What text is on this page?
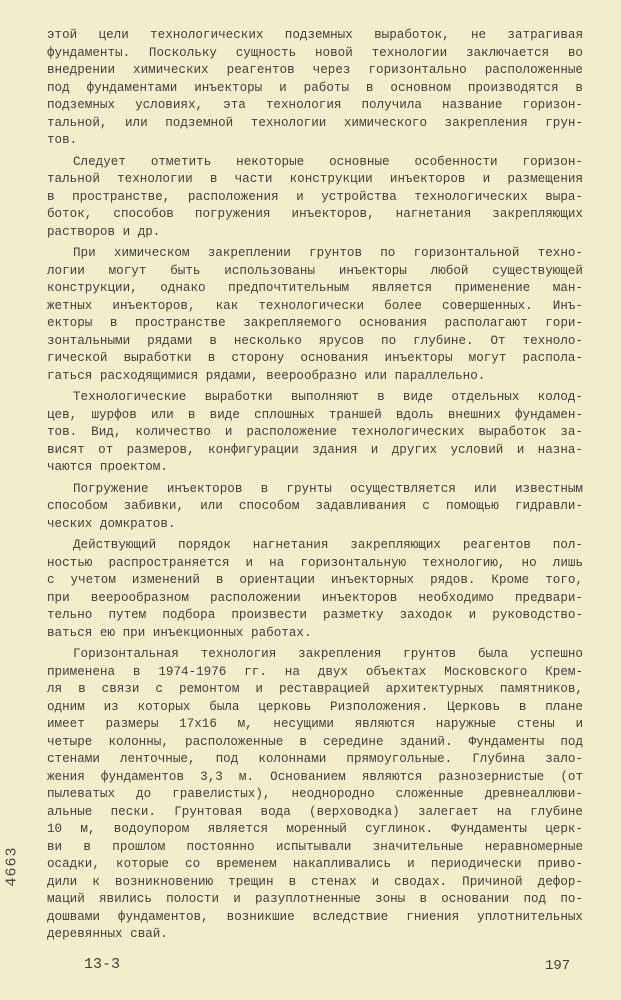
этой цели технологических подземных выработок, не затрагивая
фундаменты. Поскольку сущность новой технологии заключается во
внедрении химических реагентов через горизонтально расположенные
под фундаментами инъекторы и работы в основном производятся в
подземных условиях, эта технология получила название горизон-
тальной, или подземной технологии химического закрепления грун-
тов.
Следует отметить некоторые основные особенности горизон-
тальной технологии в части конструкции инъекторов и размещения
в пространстве, расположения и устройства технологических выра-
боток, способов погружения инъекторов, нагнетания закрепляющих
растворов и др.
При химическом закреплении грунтов по горизонтальной техно-
логии могут быть использованы инъекторы любой существующей
конструкции, однако предпочтительным является применение ман-
жетных инъекторов, как технологически более совершенных. Инъ-
екторы в пространстве закрепляемого основания располагают гори-
зонтальными рядами в несколько ярусов по глубине. От техноло-
гической выработки в сторону основания инъекторы могут распола-
гаться расходящимися рядами, веерообразно или параллельно.
Технологические выработки выполняют в виде отдельных колод-
цев, шурфов или в виде сплошных траншей вдоль внешних фундамен-
тов. Вид, количество и расположение технологических выработок за-
висят от размеров, конфигурации здания и других условий и назна-
чаются проектом.
Погружение инъекторов в грунты осуществляется или известным
способом забивки, или способом задавливания с помощью гидравли-
ческих домкратов.
Действующий порядок нагнетания закрепляющих реагентов пол-
ностью распространяется и на горизонтальную технологию, но лишь
с учетом изменений в ориентации инъекторных рядов. Кроме того,
при веерообразном расположении инъекторов необходимо предвари-
тельно путем подбора произвести разметку заходок и руководство-
ваться ею при инъекционных работах.
Горизонтальная технология закрепления грунтов была успешно
применена в 1974-1976 гг. на двух объектах Московского Крем-
ля в связи с ремонтом и реставрацией архитектурных памятников,
одним из которых была церковь Ризположения. Церковь в плане
имеет размеры 17x16 м, несущими являются наружные стены и
четыре колонны, расположенные в середине зданий. Фундаменты под
стенами ленточные, под колоннами прямоугольные. Глубина зало-
жения фундаментов 3,3 м. Основанием являются разнозернистые (от
пылеватых до гравелистых), неоднородно сложенные древнеаллюви-
альные пески. Грунтовая вода (верховодка) залегает на глубине
10 м, водоупором является моренный суглинок. Фундаменты церк-
ви в прошлом постоянно испытывали значительные неравномерные
осадки, которые со временем накапливались и периодически приво-
дили к возникновению трещин в стенах и сводах. Причиной дефор-
маций явились полости и разуплотненные зоны в основании под по-
дошвами фундаментов, возникшие вследствие гниения уплотнительных
деревянных свай.
13-3	197
4663
